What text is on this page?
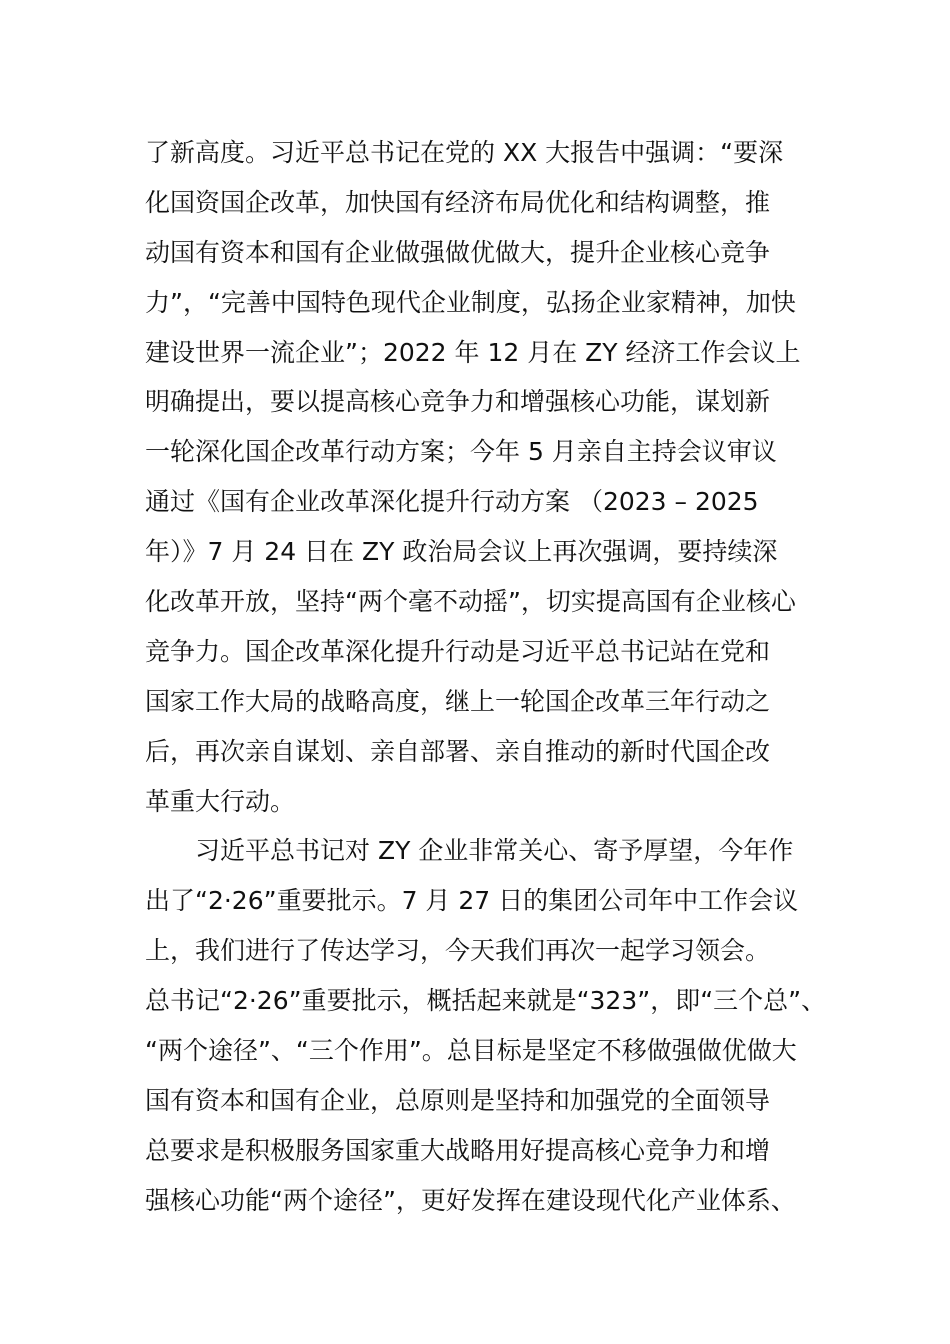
了新高度。习近平总书记在党的 XX 大报告中强调：“要深
化国资国企改革，加快国有经济布局优化和结构调整，推
动国有资本和国有企业做强做优做大，提升企业核心竞争
力”，“完善中国特色现代企业制度，弘扬企业家精神，加快
建设世界一流企业”；2022 年 12 月在 ZY 经济工作会议上
明确提出，要以提高核心竞争力和增强核心功能，谋划新
一轮深化国企改革行动方案；今年 5 月亲自主持会议审议
通过《国有企业改革深化提升行动方案 （2023 – 2025
年）》7 月 24 日在 ZY 政治局会议上再次强调，要持续深
化改革开放，坚持“两个毫不动摇”，切实提高国有企业核心
竞争力。国企改革深化提升行动是习近平总书记站在党和
国家工作大局的战略高度，继上一轮国企改革三年行动之
后，再次亲自谋划、亲自部署、亲自推动的新时代国企改
革重大行动。
习近平总书记对 ZY 企业非常关心、寄予厚望，今年作
出了“2·26”重要批示。7 月 27 日的集团公司年中工作会议
上，我们进行了传达学习，今天我们再次一起学习领会。
总书记“2·26”重要批示，概括起来就是“323”，即“三个总”、
“两个途径”、“三个作用”。总目标是坚定不移做强做优做大
国有资本和国有企业，总原则是坚持和加强党的全面领导
总要求是积极服务国家重大战略用好提高核心竞争力和增
强核心功能“两个途径”，更好发挥在建设现代化产业体系、
